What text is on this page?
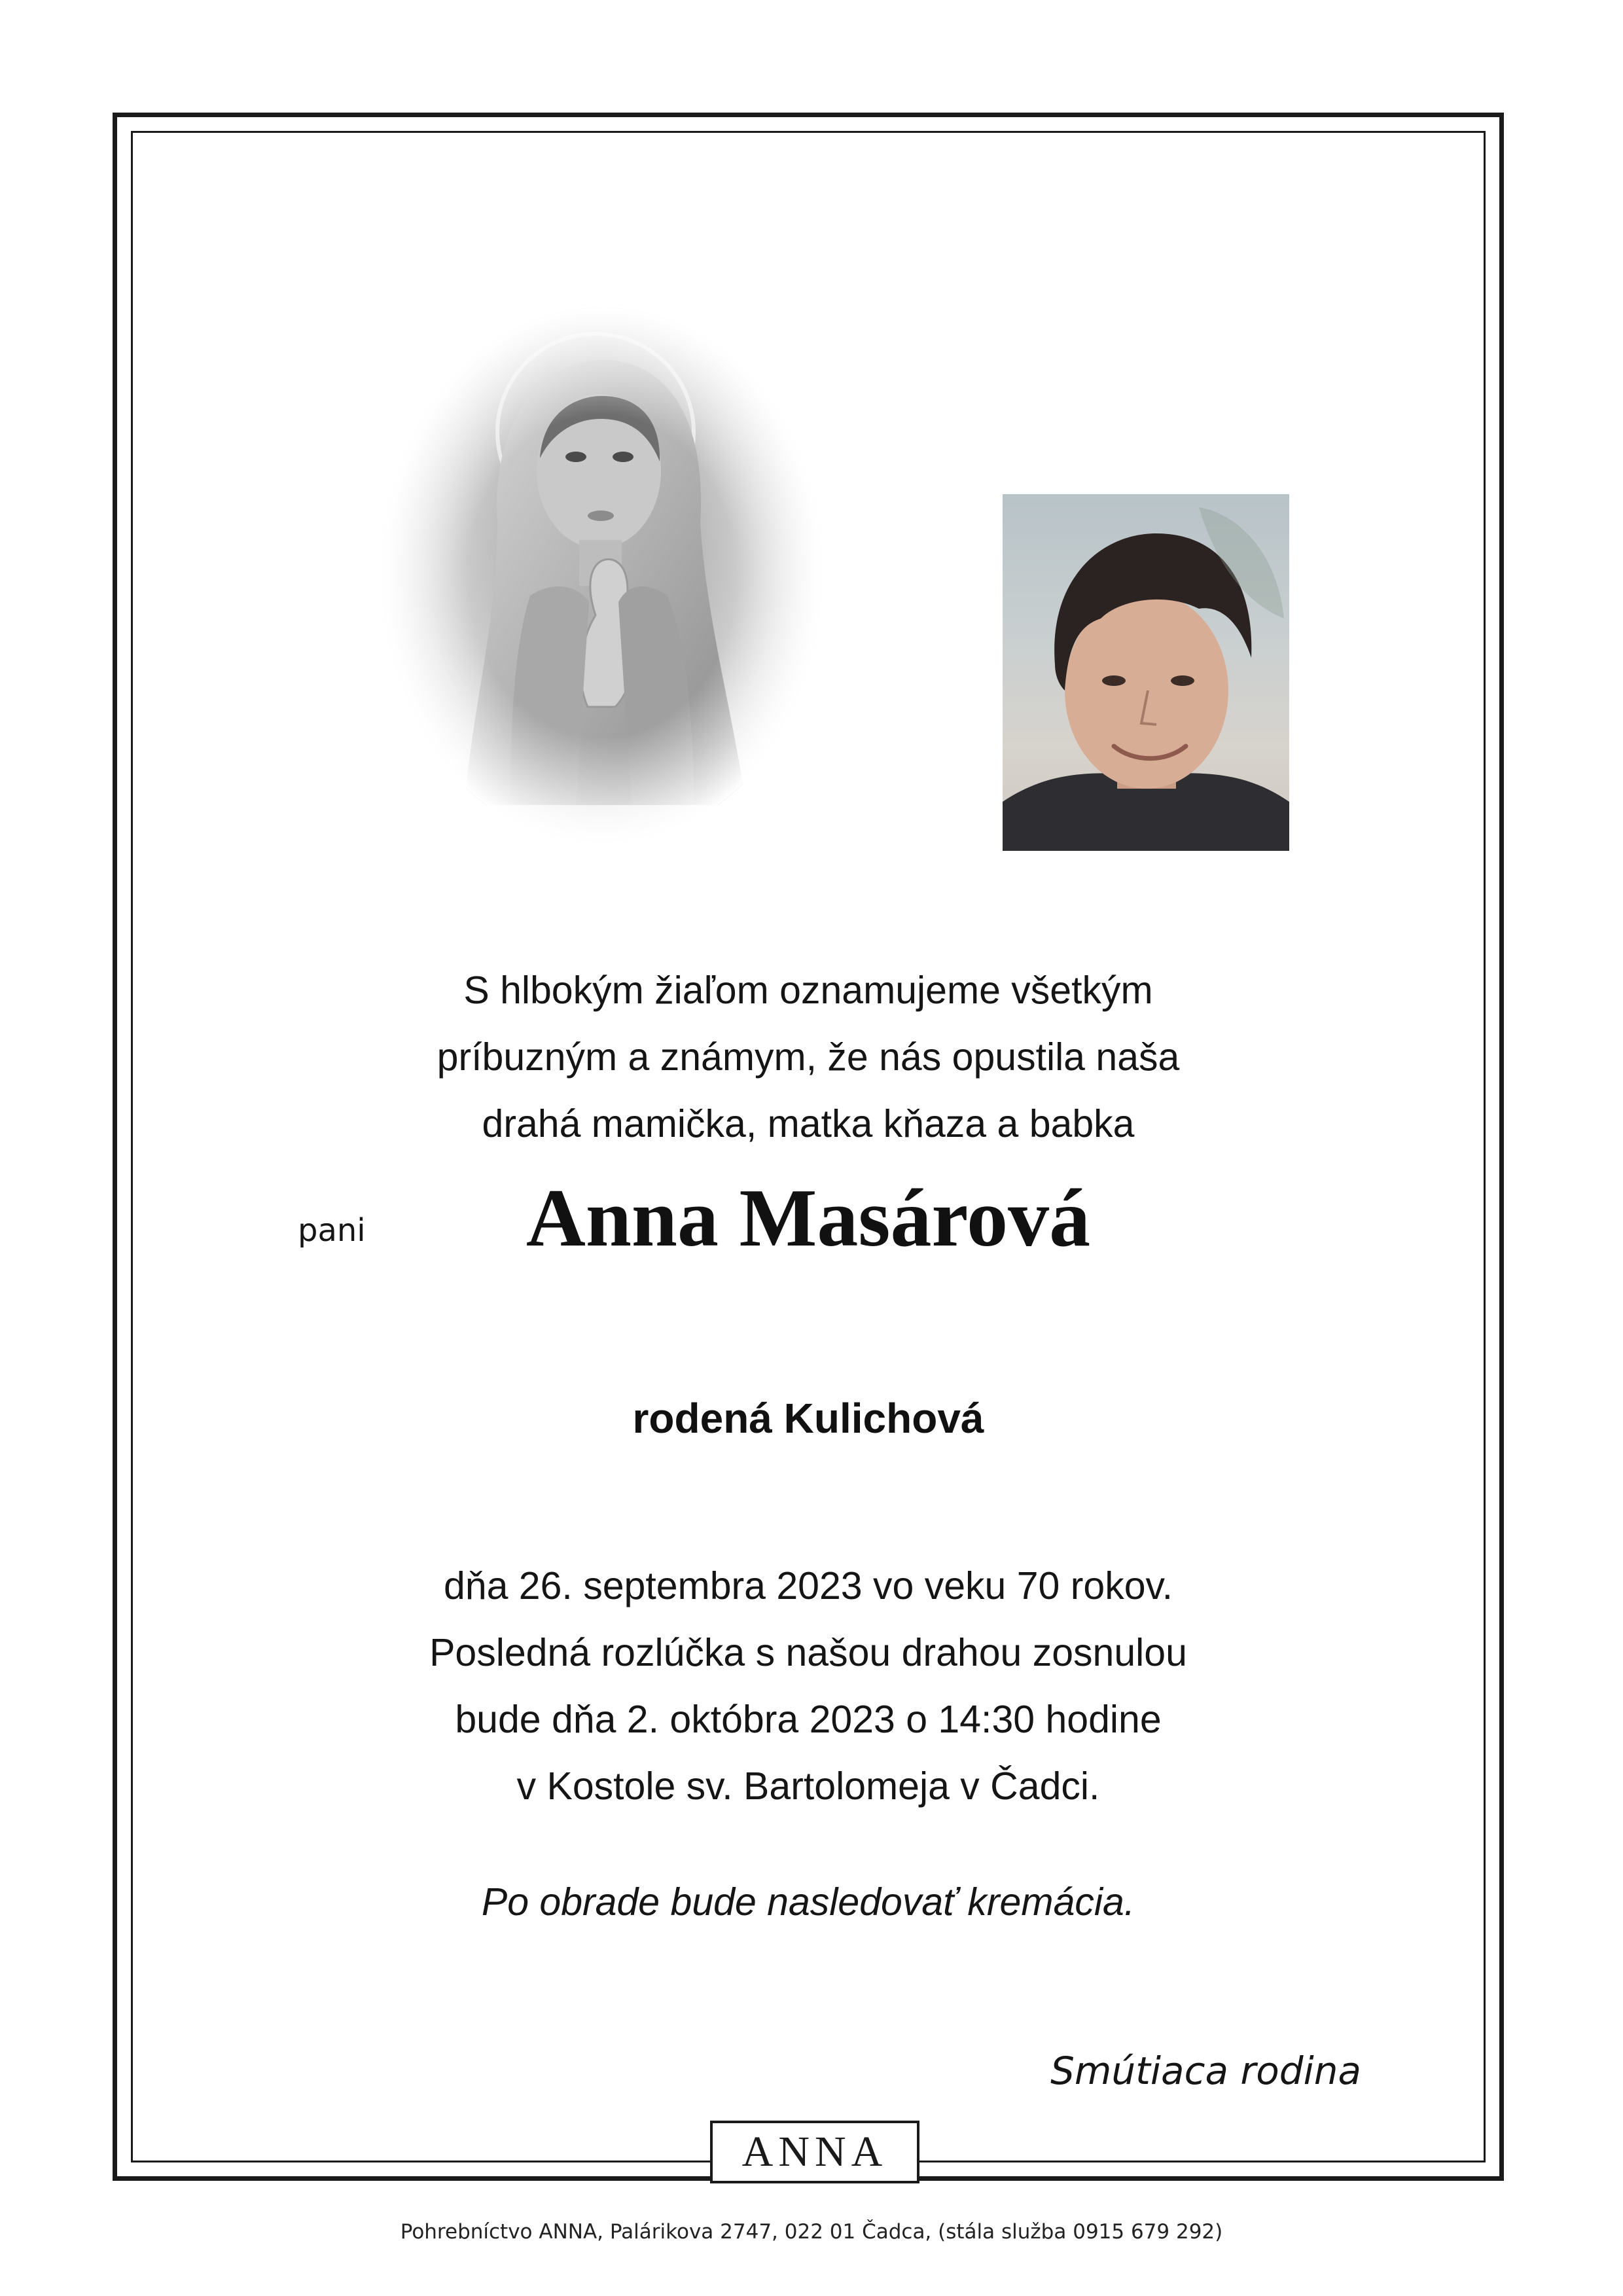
S hlbokým žiaľom oznamujeme všetkým
príbuzným a známym, že nás opustila naša
drahá mamička, matka kňaza a babka
pani	Anna Masárová
rodená Kulichová
dňa 26. septembra 2023 vo veku 70 rokov.
Posledná rozlúčka s našou drahou zosnulou
bude dňa 2. októbra 2023 o 14:30 hodine
v Kostole sv. Bartolomeja v Čadci.
Po obrade bude nasledovať kremácia.
Smútiaca rodina
ANNA
Pohrebníctvo ANNA, Palárikova 2747, 022 01 Čadca, (stála služba 0915 679 292)
